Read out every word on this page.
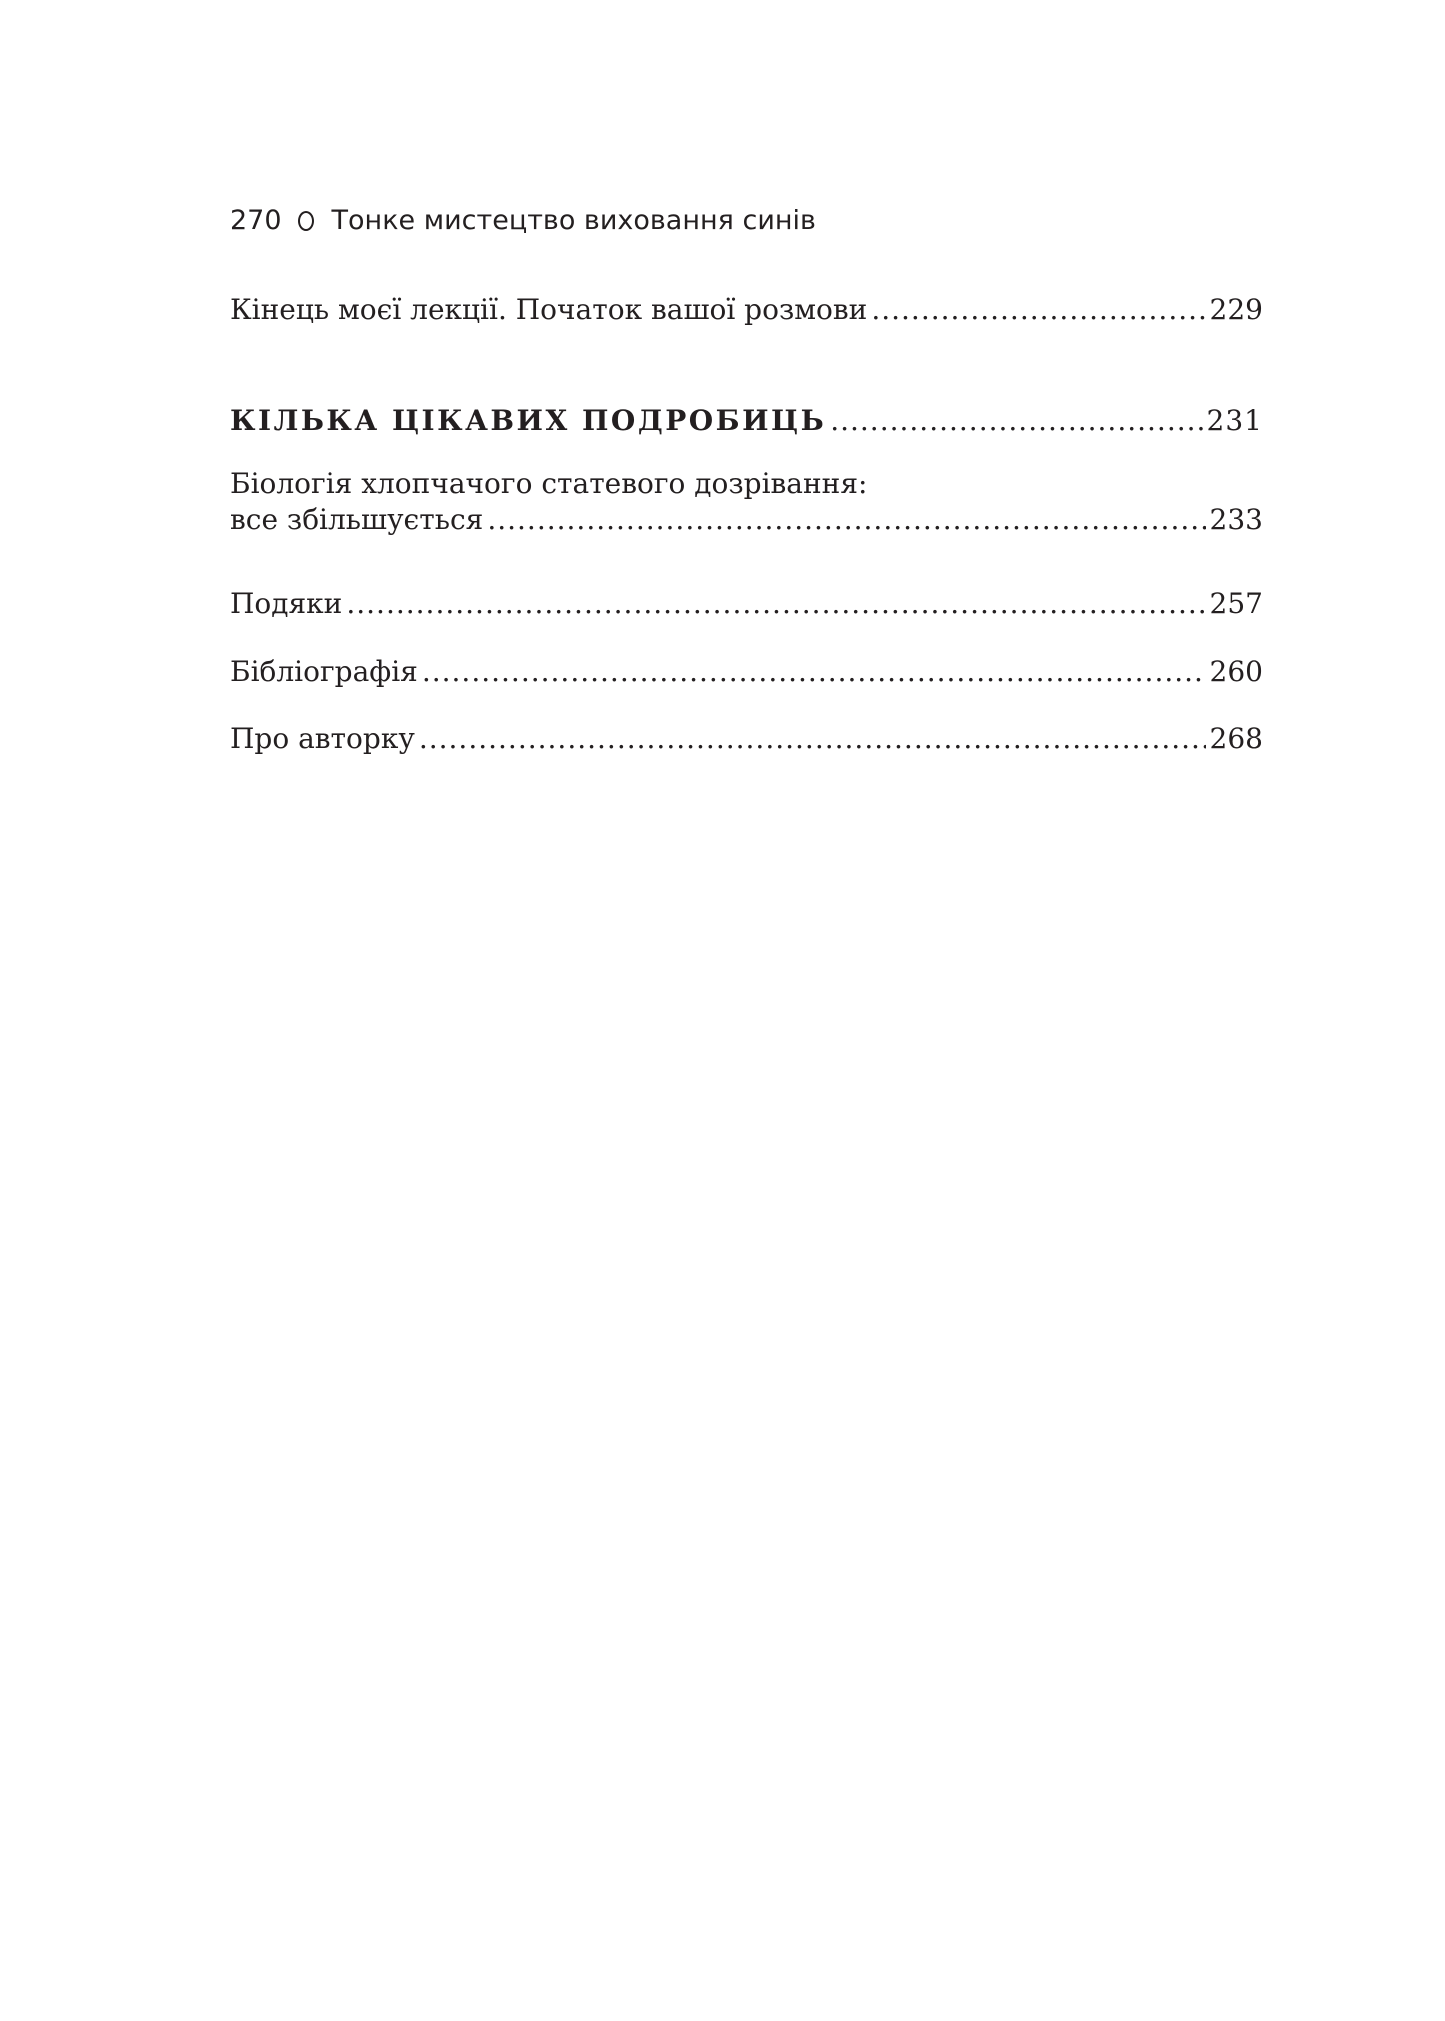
270 Тонке мистецтво виховання синів
Кінець моєї лекції. Початок вашої розмови .....	229
КІЛЬКА ЦІКАВИХ ПОДРОБИЦЬ .....	231
Біологія хлопчачого статевого дозрівання:
все збільшується .....	233
Подяки .....	257
Бібліографія .....	260
Про авторку .....	268
